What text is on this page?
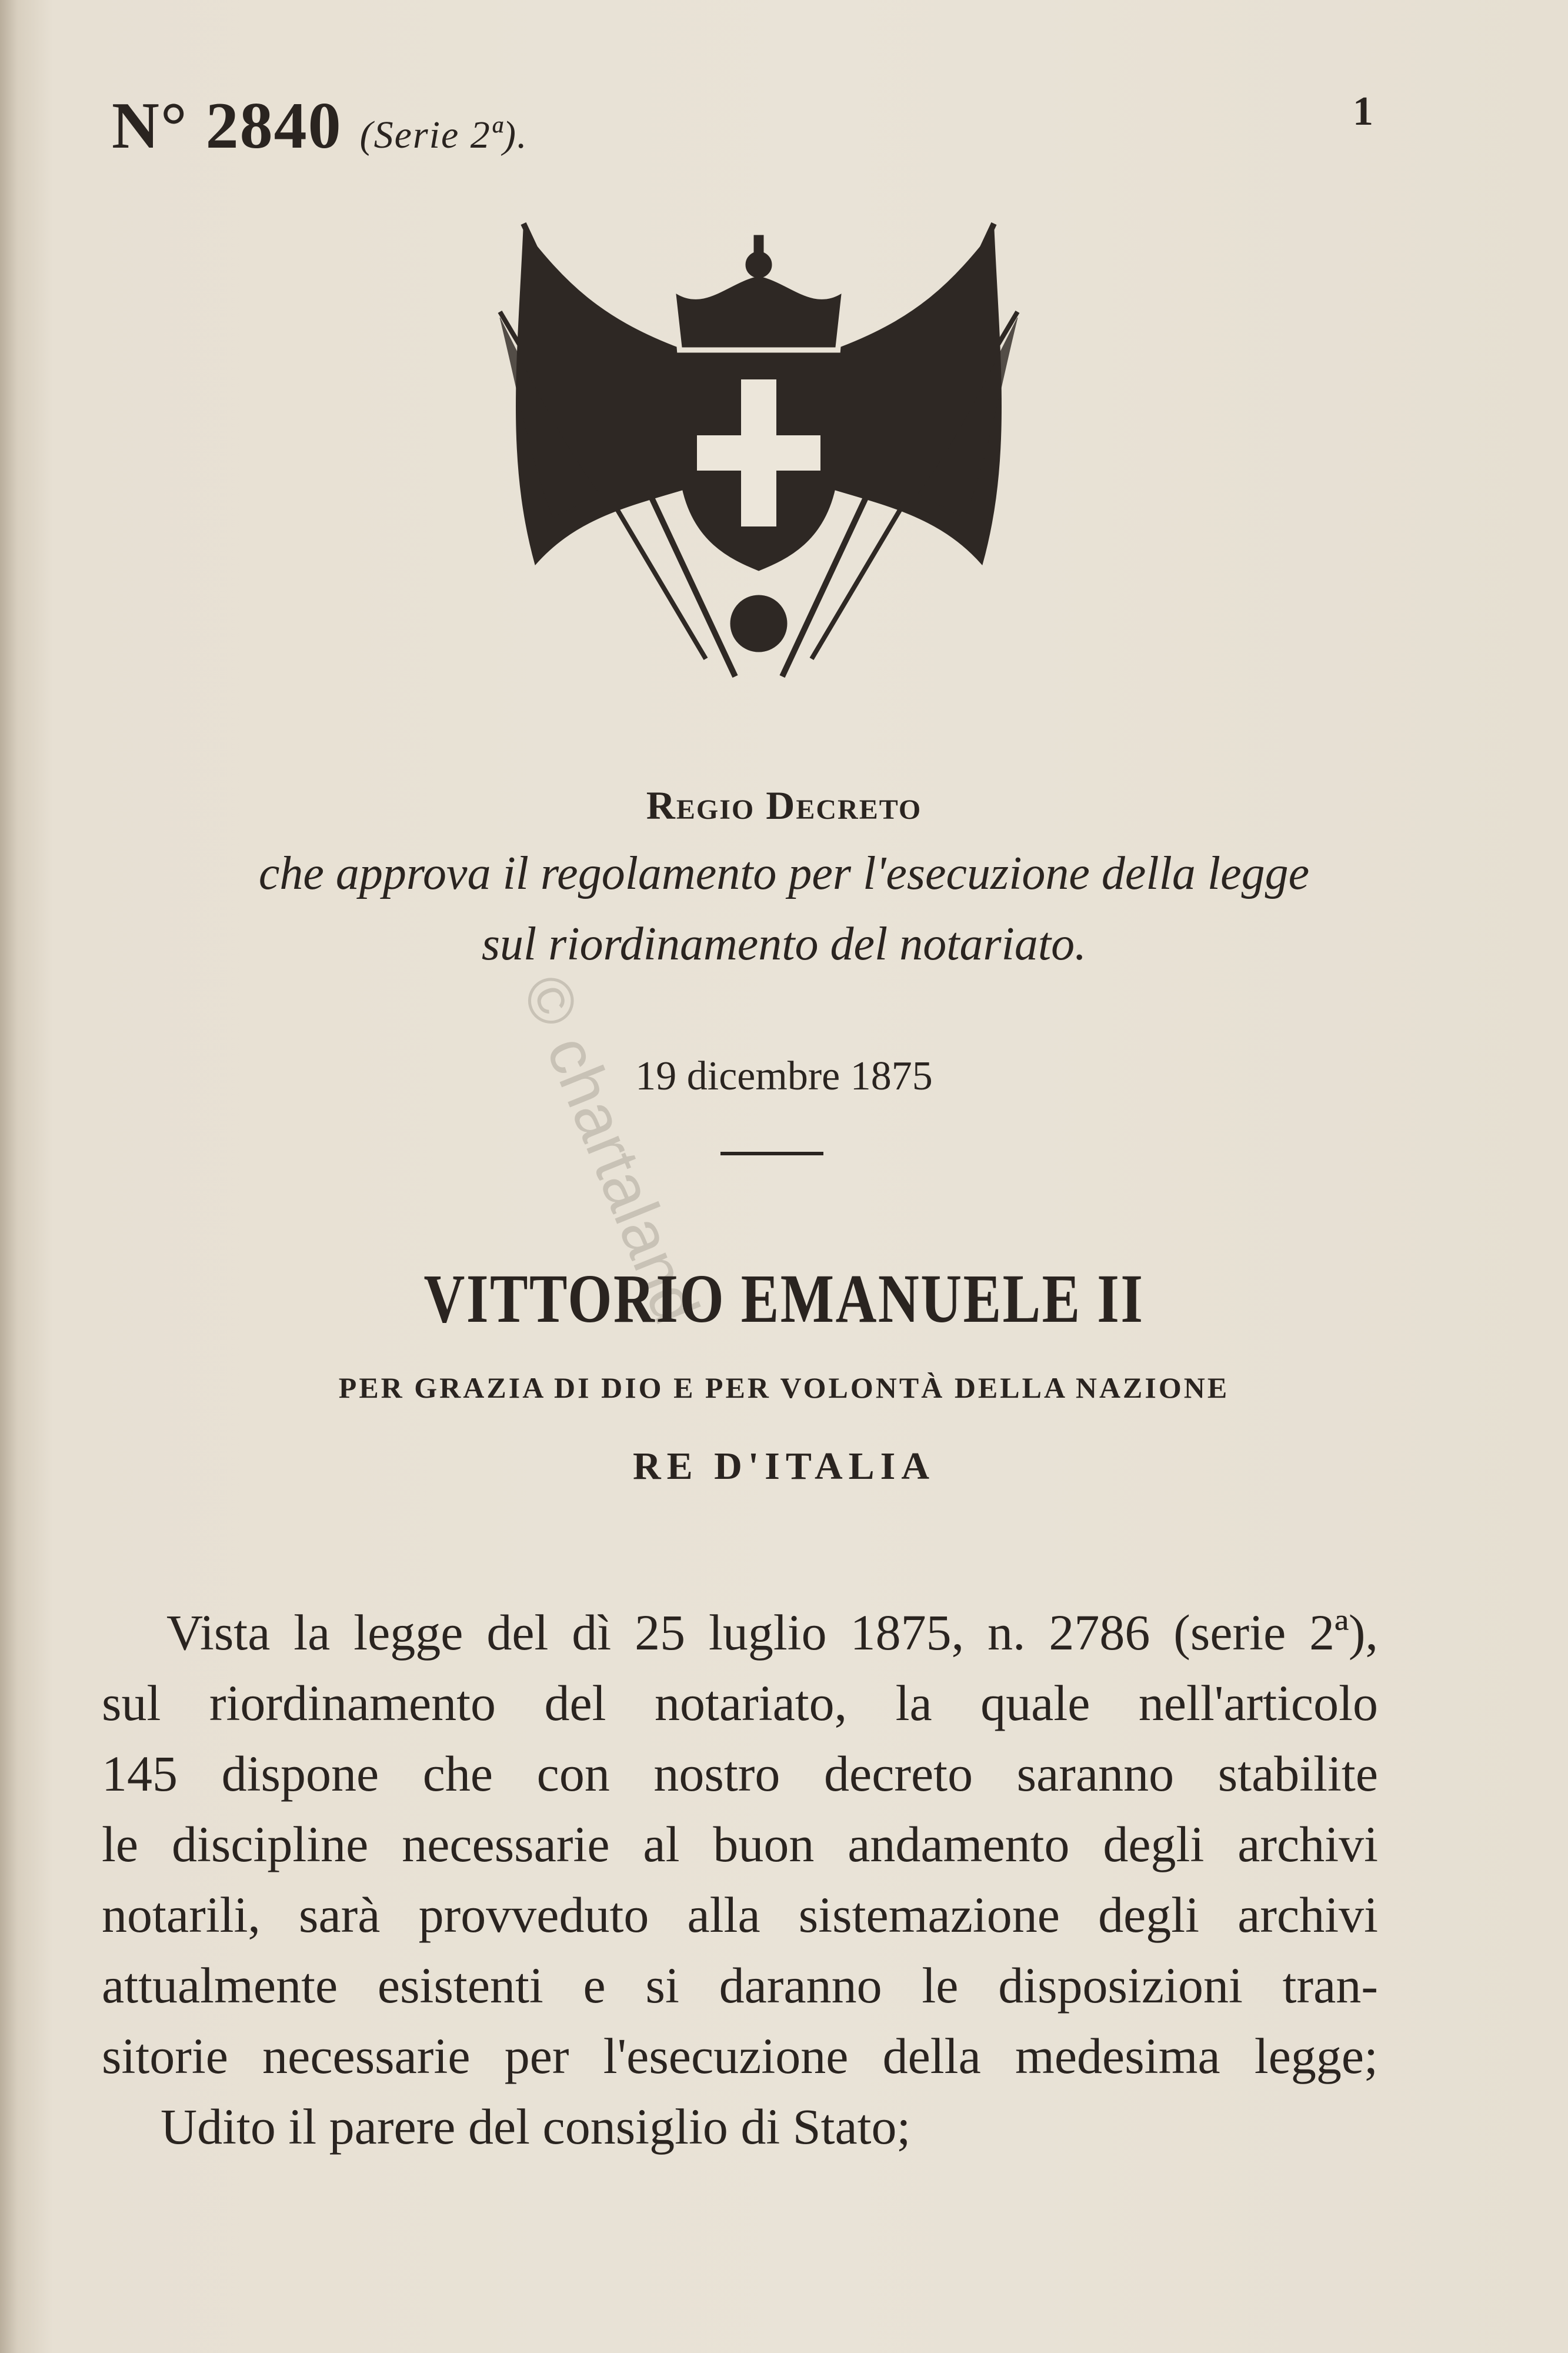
N° 2840 (Serie 2ª).
1
© chartaland
Regio Decreto
che approva il regolamento per l'esecuzione della legge
sul riordinamento del notariato.
19 dicembre 1875
VITTORIO EMANUELE II
PER GRAZIA DI DIO E PER VOLONTÀ DELLA NAZIONE
RE D'ITALIA
Vista la legge del dì 25 luglio 1875, n. 2786 (serie 2ª),
sul riordinamento del notariato, la quale nell'articolo
145 dispone che con nostro decreto saranno stabilite
le discipline necessarie al buon andamento degli archivi
notarili, sarà provveduto alla sistemazione degli archivi
attualmente esistenti e si daranno le disposizioni tran-
sitorie necessarie per l'esecuzione della medesima legge;
Udito il parere del consiglio di Stato;
